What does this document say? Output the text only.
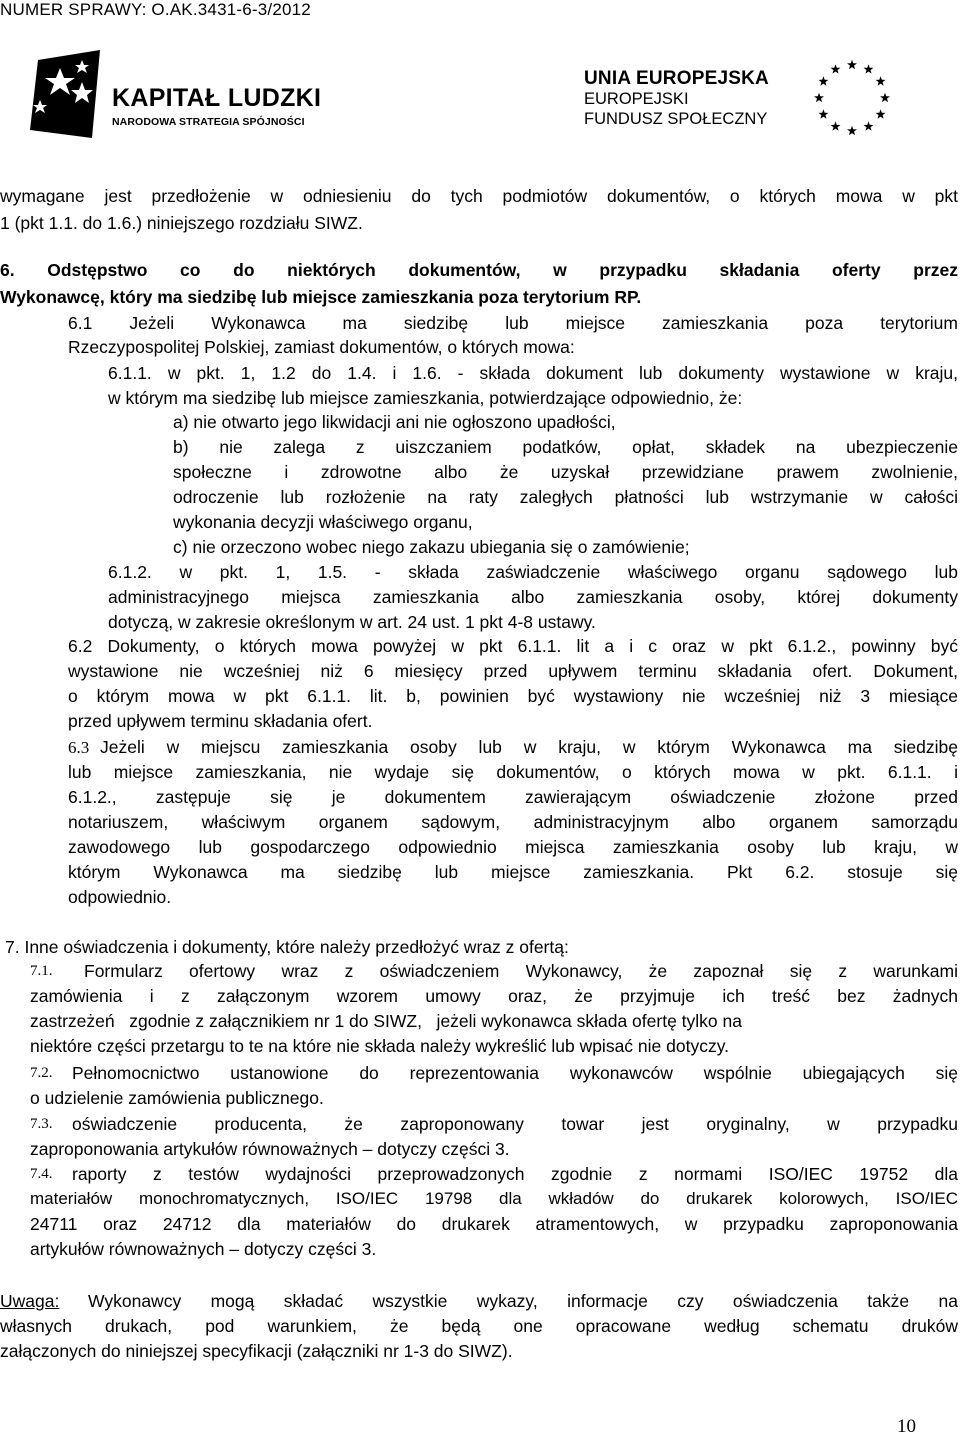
NUMER SPRAWY: O.AK.3431-6-3/2012
KAPITAŁ LUDZKI
NARODOWA STRATEGIA SPÓJNOŚCI
UNIA EUROPEJSKA
EUROPEJSKI
FUNDUSZ SPOŁECZNY
wymagane jest przedłożenie w odniesieniu do tych podmiotów dokumentów, o których mowa w pkt
1 (pkt 1.1. do 1.6.) niniejszego rozdziału SIWZ.
6. Odstępstwo co do niektórych dokumentów, w przypadku składania oferty przez
Wykonawcę, który ma siedzibę lub miejsce zamieszkania poza terytorium RP.
6.1 Jeżeli Wykonawca ma siedzibę lub miejsce zamieszkania poza terytorium
Rzeczypospolitej Polskiej, zamiast dokumentów, o których mowa:
6.1.1. w pkt. 1, 1.2 do 1.4. i 1.6. - składa dokument lub dokumenty wystawione w kraju,
w którym ma siedzibę lub miejsce zamieszkania, potwierdzające odpowiednio, że:
a) nie otwarto jego likwidacji ani nie ogłoszono upadłości,
b) nie zalega z uiszczaniem podatków, opłat, składek na ubezpieczenie
społeczne i zdrowotne albo że uzyskał przewidziane prawem zwolnienie,
odroczenie lub rozłożenie na raty zaległych płatności lub wstrzymanie w całości
wykonania decyzji właściwego organu,
c) nie orzeczono wobec niego zakazu ubiegania się o zamówienie;
6.1.2. w pkt. 1, 1.5. - składa zaświadczenie właściwego organu sądowego lub
administracyjnego miejsca zamieszkania albo zamieszkania osoby, której dokumenty
dotyczą, w zakresie określonym w art. 24 ust. 1 pkt 4-8 ustawy.
6.2 Dokumenty, o których mowa powyżej w pkt 6.1.1. lit a i c oraz w pkt 6.1.2., powinny być
wystawione nie wcześniej niż 6 miesięcy przed upływem terminu składania ofert. Dokument,
o którym mowa w pkt 6.1.1. lit. b, powinien być wystawiony nie wcześniej niż 3 miesiące
przed upływem terminu składania ofert.
6.3 Jeżeli w miejscu zamieszkania osoby lub w kraju, w którym Wykonawca ma siedzibę
lub miejsce zamieszkania, nie wydaje się dokumentów, o których mowa w pkt. 6.1.1. i
6.1.2., zastępuje się je dokumentem zawierającym oświadczenie złożone przed
notariuszem, właściwym organem sądowym, administracyjnym albo organem samorządu
zawodowego lub gospodarczego odpowiednio miejsca zamieszkania osoby lub kraju, w
którym Wykonawca ma siedzibę lub miejsce zamieszkania. Pkt 6.2. stosuje się
odpowiednio.
7. Inne oświadczenia i dokumenty, które należy przedłożyć wraz z ofertą:
7.1. Formularz ofertowy wraz z oświadczeniem Wykonawcy, że zapoznał się z warunkami
zamówienia i z załączonym wzorem umowy oraz, że przyjmuje ich treść bez żadnych
zastrzeżeń   zgodnie z załącznikiem nr 1 do SIWZ,   jeżeli wykonawca składa ofertę tylko na
niektóre części przetargu to te na które nie składa należy wykreślić lub wpisać nie dotyczy.
7.2. Pełnomocnictwo ustanowione do reprezentowania wykonawców wspólnie ubiegających się
o udzielenie zamówienia publicznego.
7.3. oświadczenie producenta, że zaproponowany towar jest oryginalny, w przypadku
zaproponowania artykułów równoważnych – dotyczy części 3.
7.4. raporty z testów wydajności przeprowadzonych zgodnie z normami ISO/IEC 19752 dla
materiałów monochromatycznych, ISO/IEC 19798 dla wkładów do drukarek kolorowych, ISO/IEC
24711 oraz 24712 dla materiałów do drukarek atramentowych, w przypadku zaproponowania
artykułów równoważnych – dotyczy części 3.
Uwaga: Wykonawcy mogą składać wszystkie wykazy, informacje czy oświadczenia także na
własnych drukach, pod warunkiem, że będą one opracowane według schematu druków
załączonych do niniejszej specyfikacji (załączniki nr 1-3 do SIWZ).
10
